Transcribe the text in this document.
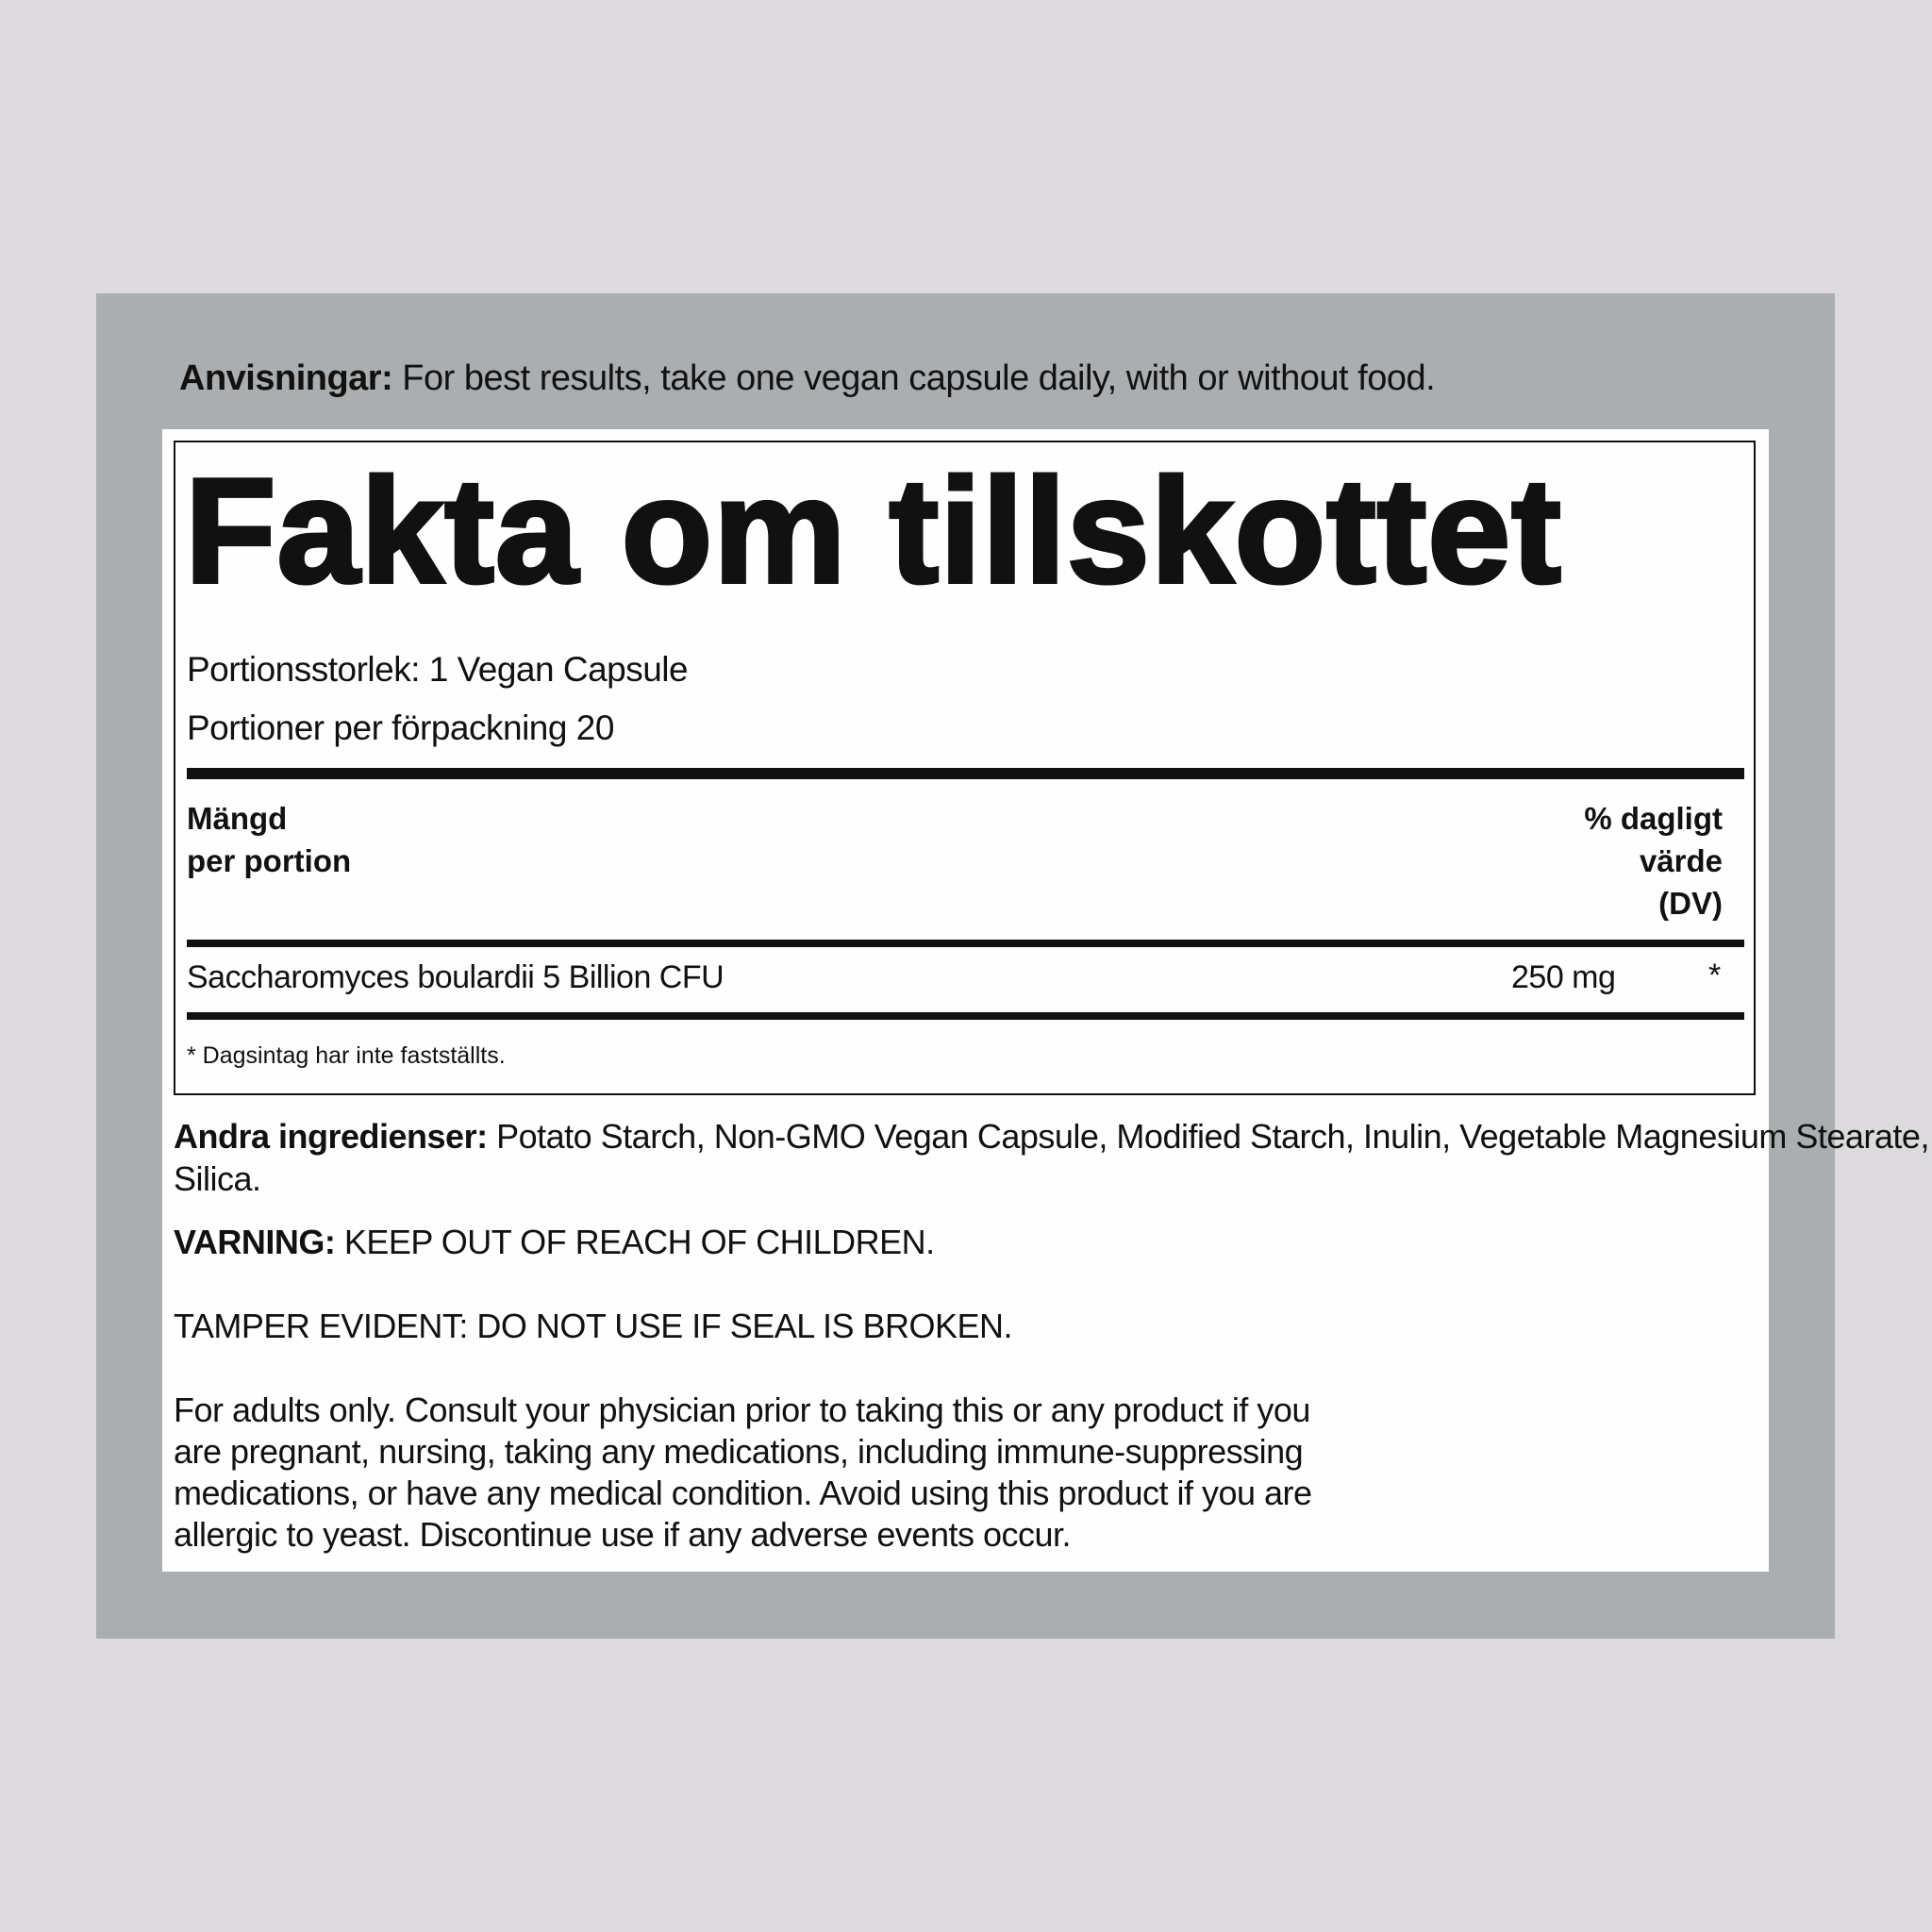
Anvisningar: For best results, take one vegan capsule daily, with or without food.
Fakta om tillskottet
Portionsstorlek: 1 Vegan Capsule
Portioner per förpackning 20
Mängd
per portion
% dagligt
värde
(DV)
Saccharomyces boulardii 5 Billion CFU	250 mg	*
* Dagsintag har inte fastställts.
Andra ingredienser: Potato Starch, Non-GMO Vegan Capsule, Modified Starch, Inulin, Vegetable Magnesium Stearate,
Silica.
VARNING: KEEP OUT OF REACH OF CHILDREN.
TAMPER EVIDENT: DO NOT USE IF SEAL IS BROKEN.
For adults only. Consult your physician prior to taking this or any product if you
are pregnant, nursing, taking any medications, including immune-suppressing
medications, or have any medical condition. Avoid using this product if you are
allergic to yeast. Discontinue use if any adverse events occur.
